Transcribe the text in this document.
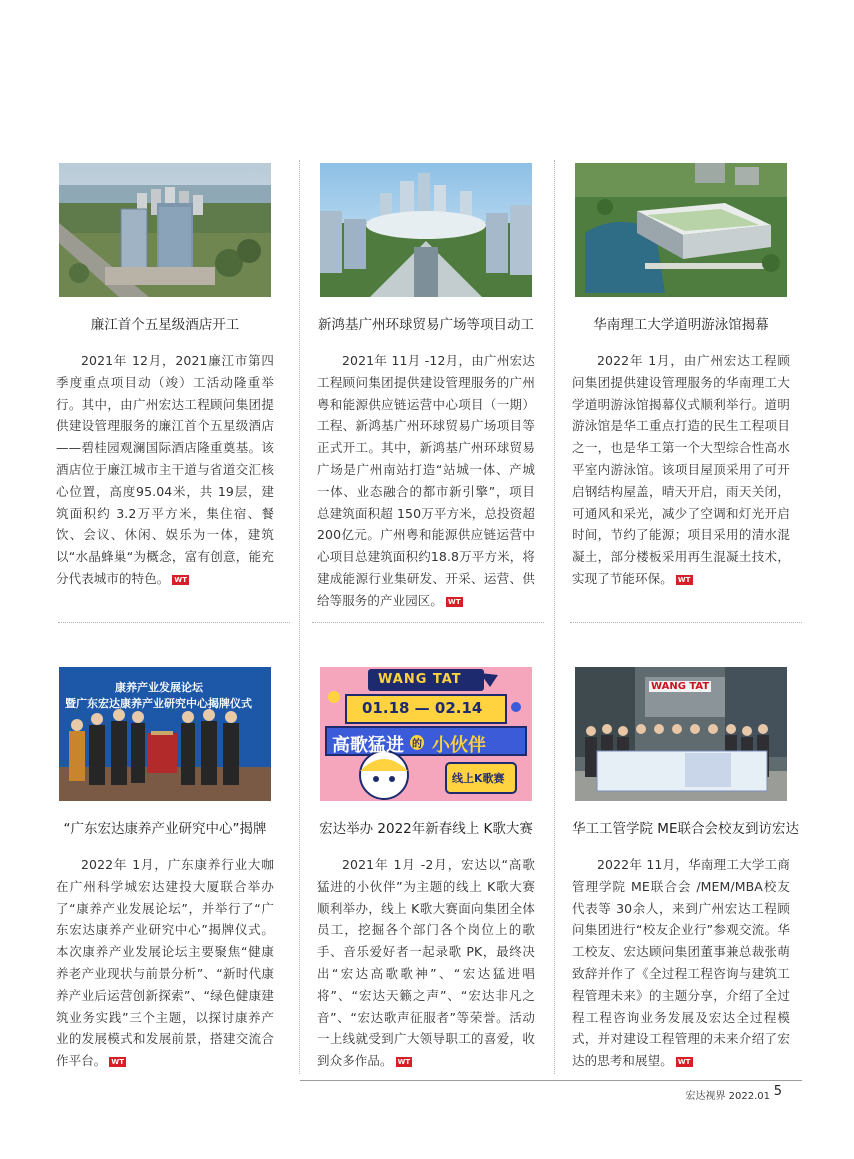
廉江首个五星级酒店开工
2021年 12月，2021廉江市第四季度重点项目动（竣）工活动隆重举行。其中，由广州宏达工程顾问集团提供建设管理服务的廉江首个五星级酒店——碧桂园观澜国际酒店隆重奠基。该酒店位于廉江城市主干道与省道交汇核心位置，高度95.04米，共 19层，建筑面积约 3.2万平方米，集住宿、餐饮、会议、休闲、娱乐为一体，建筑以“水晶蜂巢“为概念，富有创意，能充分代表城市的特色。 WT
新鸿基广州环球贸易广场等项目动工
2021年 11月 -12月，由广州宏达工程顾问集团提供建设管理服务的广州粤和能源供应链运营中心项目（一期）工程、新鸿基广州环球贸易广场项目等正式开工。其中，新鸿基广州环球贸易广场是广州南站打造“站城一体、产城一体、业态融合的都市新引擎”，项目总建筑面积超 150万平方米，总投资超 200亿元。广州粤和能源供应链运营中心项目总建筑面积约18.8万平方米，将建成能源行业集研发、开采、运营、供给等服务的产业园区。 WT
华南理工大学道明游泳馆揭幕
2022年 1月，由广州宏达工程顾问集团提供建设管理服务的华南理工大学道明游泳馆揭幕仪式顺利举行。道明游泳馆是华工重点打造的民生工程项目之一，也是华工第一个大型综合性高水平室内游泳馆。该项目屋顶采用了可开启钢结构屋盖，晴天开启，雨天关闭，可通风和采光，减少了空调和灯光开启时间，节约了能源；项目采用的清水混凝土，部分楼板采用再生混凝土技术，实现了节能环保。 WT
康养产业发展论坛
暨广东宏达康养产业研究中心揭牌仪式
“广东宏达康养产业研究中心”揭牌
2022年 1月，广东康养行业大咖在广州科学城宏达建投大厦联合举办了“康养产业发展论坛”，并举行了“广东宏达康养产业研究中心”揭牌仪式。本次康养产业发展论坛主要聚焦“健康养老产业现状与前景分析”、“新时代康养产业后运营创新探索”、“绿色健康建筑业务实践”三个主题，以探讨康养产业的发展模式和发展前景，搭建交流合作平台。 WT
WANG TAT
01.18 — 02.14
高歌猛进 的 小伙伴
线上K歌赛
宏达举办 2022年新春线上 K歌大赛
2021年 1月 -2月，宏达以“高歌猛进的小伙伴”为主题的线上 K歌大赛顺利举办，线上 K歌大赛面向集团全体员工，挖掘各个部门各个岗位上的歌手、音乐爱好者一起录歌 PK，最终决出“宏达高歌歌神”、“宏达猛进唱将”、“宏达天籁之声”、“宏达非凡之音”、“宏达歌声征服者”等荣誉。活动一上线就受到广大领导职工的喜爱，收到众多作品。 WT
WANG TAT
华工工管学院 ME联合会校友到访宏达
2022年 11月，华南理工大学工商管理学院 ME联合会 /MEM/MBA校友代表等 30余人，来到广州宏达工程顾问集团进行“校友企业行”参观交流。华工校友、宏达顾问集团董事兼总裁张萌致辞并作了《全过程工程咨询与建筑工程管理未来》的主题分享，介绍了全过程工程咨询业务发展及宏达全过程模式，并对建设工程管理的未来介绍了宏达的思考和展望。 WT
宏达视界 2022.01 5
